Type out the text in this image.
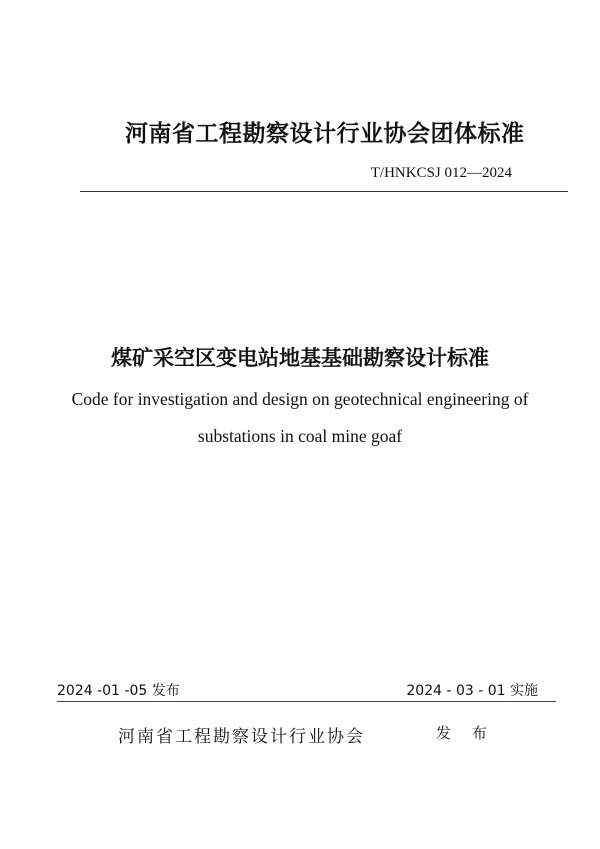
河南省工程勘察设计行业协会团体标准
T/HNKCSJ 012—2024
煤矿采空区变电站地基基础勘察设计标准
Code for investigation and design on geotechnical engineering of
substations in coal mine goaf
2024 -01 -05 发布	2024 - 03 - 01 实施
河南省工程勘察设计行业协会	发 布
